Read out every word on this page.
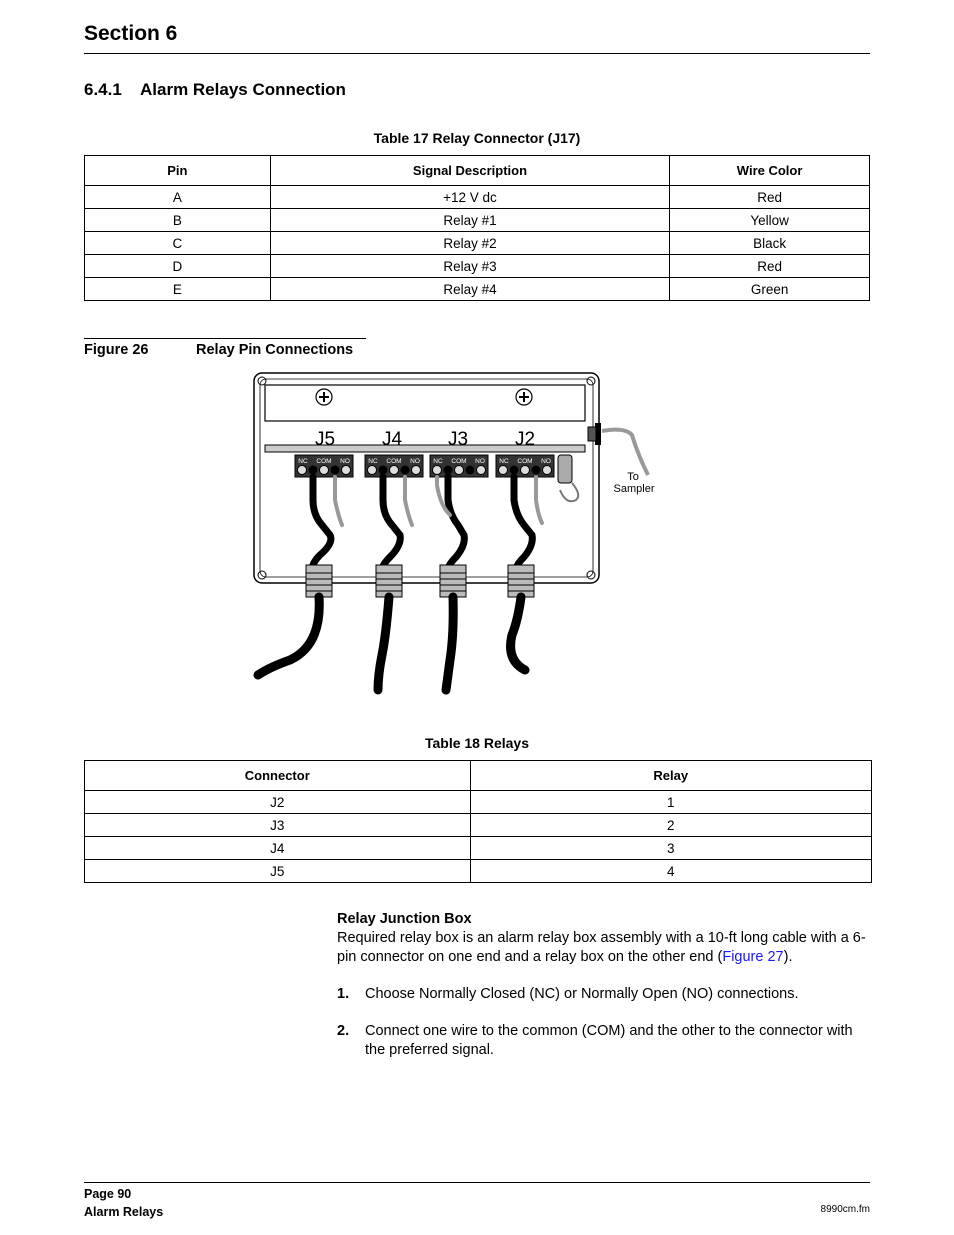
Section 6
6.4.1 Alarm Relays Connection
Table 17 Relay Connector (J17)
Pin	Signal Description	Wire Color
A	+12 V dc	Red
B	Relay #1	Yellow
C	Relay #2	Black
D	Relay #3	Red
E	Relay #4	Green
Figure 26	Relay Pin Connections
J5 J4 J3 J2
NC COM NO	NC COM NO NC COM NO NC COM NO
To
Sampler
Table 18 Relays
Connector	Relay
J2	1
J3	2
J4	3
J5	4
Relay Junction Box
Required relay box is an alarm relay box assembly with a 10-ft long cable with a 6-pin connector on one end and a relay box on the other end (Figure 27).
1. Choose Normally Closed (NC) or Normally Open (NO) connections.
2. Connect one wire to the common (COM) and the other to the connector with the preferred signal.
Page 90
Alarm Relays	8990cm.fm
